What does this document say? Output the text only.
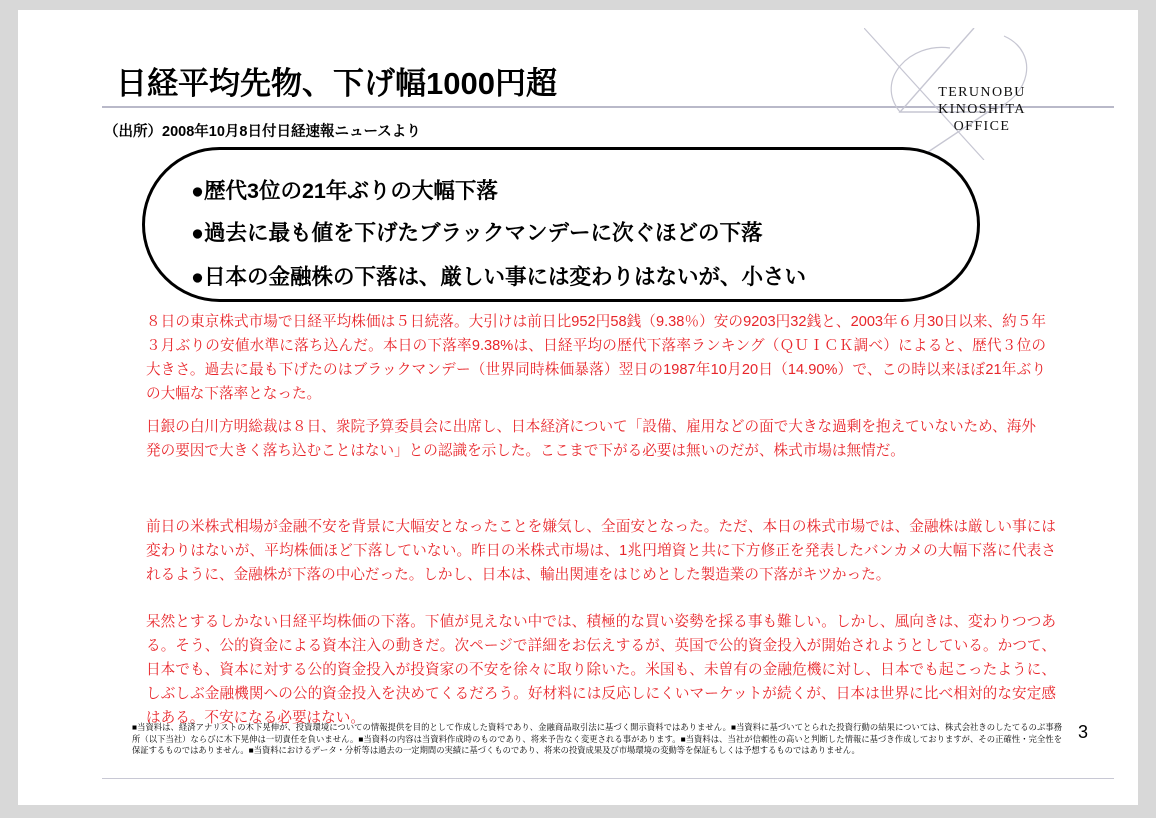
日経平均先物、下げ幅1000円超
（出所）2008年10月8日付日経速報ニュースより
TERUNOBU
KINOSHITA
OFFICE
●歴代3位の21年ぶりの大幅下落
●過去に最も値を下げたブラックマンデーに次ぐほどの下落
●日本の金融株の下落は、厳しい事には変わりはないが、小さい
８日の東京株式市場で日経平均株価は５日続落。大引けは前日比952円58銭（9.38％）安の9203円32銭と、2003年６月30日以来、約５年３月ぶりの安値水準に落ち込んだ。本日の下落率9.38%は、日経平均の歴代下落率ランキング（ＱＵＩＣＫ調べ）によると、歴代３位の大きさ。過去に最も下げたのはブラックマンデー（世界同時株価暴落）翌日の1987年10月20日（14.90%）で、この時以来ほぼ21年ぶりの大幅な下落率となった。
日銀の白川方明総裁は８日、衆院予算委員会に出席し、日本経済について「設備、雇用などの面で大きな過剰を抱えていないため、海外発の要因で大きく落ち込むことはない」との認識を示した。ここまで下がる必要は無いのだが、株式市場は無情だ。
前日の米株式相場が金融不安を背景に大幅安となったことを嫌気し、全面安となった。ただ、本日の株式市場では、金融株は厳しい事には変わりはないが、平均株価ほど下落していない。昨日の米株式市場は、1兆円増資と共に下方修正を発表したバンカメの大幅下落に代表されるように、金融株が下落の中心だった。しかし、日本は、輸出関連をはじめとした製造業の下落がキツかった。
呆然とするしかない日経平均株価の下落。下値が見えない中では、積極的な買い姿勢を採る事も難しい。しかし、風向きは、変わりつつある。そう、公的資金による資本注入の動きだ。次ページで詳細をお伝えするが、英国で公的資金投入が開始されようとしている。かつて、日本でも、資本に対する公的資金投入が投資家の不安を徐々に取り除いた。米国も、未曽有の金融危機に対し、日本でも起こったように、しぶしぶ金融機関への公的資金投入を決めてくるだろう。好材料には反応しにくいマーケットが続くが、日本は世界に比べ相対的な安定感はある。不安になる必要はない。
■当資料は、経済アナリストの木下晃伸が、投資環境についての情報提供を目的として作成した資料であり、金融商品取引法に基づく開示資料ではありません。■当資料に基づいてとられた投資行動の結果については、株式会社きのしたてるのぶ事務所（以下当社）ならびに木下晃伸は一切責任を負いません。■当資料の内容は当資料作成時のものであり、将来予告なく変更される事があります。■当資料は、当社が信頼性の高いと判断した情報に基づき作成しておりますが、その正確性・完全性を保証するものではありません。■当資料におけるデータ・分析等は過去の一定期間の実績に基づくものであり、将来の投資成果及び市場環境の変動等を保証もしくは予想するものではありません。
3
